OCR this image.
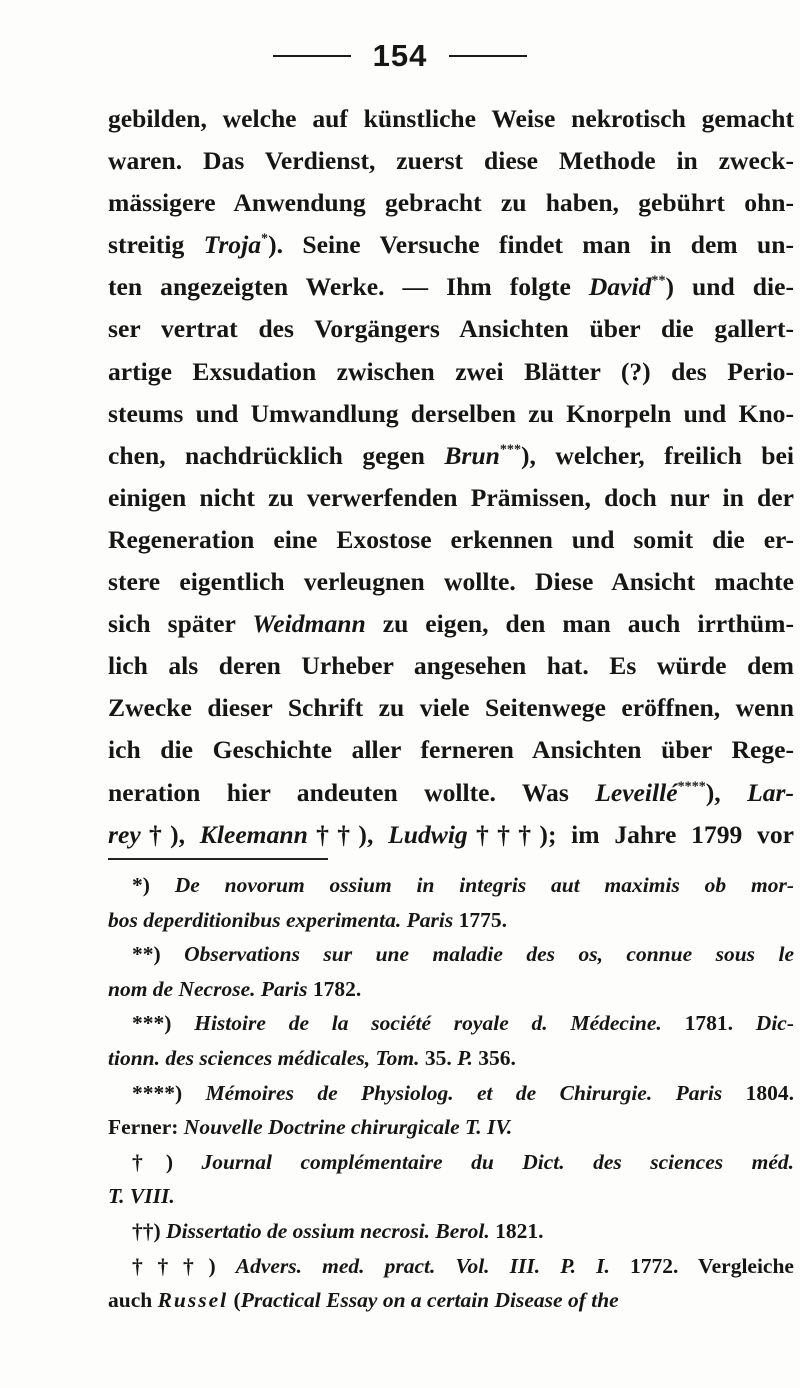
154
gebilden, welche auf künstliche Weise nekrotisch gemacht
waren. Das Verdienst, zuerst diese Methode in zweck-
mässigere Anwendung gebracht zu haben, gebührt ohn-
streitig Troja*). Seine Versuche findet man in dem un-
ten angezeigten Werke. — Ihm folgte David**) und die-
ser vertrat des Vorgängers Ansichten über die gallert-
artige Exsudation zwischen zwei Blätter (?) des Perio-
steums und Umwandlung derselben zu Knorpeln und Kno-
chen, nachdrücklich gegen Brun***), welcher, freilich bei
einigen nicht zu verwerfenden Prämissen, doch nur in der
Regeneration eine Exostose erkennen und somit die er-
stere eigentlich verleugnen wollte. Diese Ansicht machte
sich später Weidmann zu eigen, den man auch irrthüm-
lich als deren Urheber angesehen hat. Es würde dem
Zwecke dieser Schrift zu viele Seitenwege eröffnen, wenn
ich die Geschichte aller ferneren Ansichten über Rege-
neration hier andeuten wollte. Was Leveillé****), Lar-
rey†), Kleemann††), Ludwig†††); im Jahre 1799 vor
*) De novorum ossium in integris aut maximis ob mor-
bos deperditionibus experimenta. Paris 1775.
**) Observations sur une maladie des os, connue sous le
nom de Necrose. Paris 1782.
***) Histoire de la société royale d. Médecine. 1781. Dic-
tionn. des sciences médicales, Tom. 35. P. 356.
****) Mémoires de Physiolog. et de Chirurgie. Paris 1804.
Ferner: Nouvelle Doctrine chirurgicale T. IV.
†) Journal complémentaire du Dict. des sciences méd.
T. VIII.
††) Dissertatio de ossium necrosi. Berol. 1821.
†††) Advers. med. pract. Vol. III. P. I. 1772. Vergleiche
auch Russel (Practical Essay on a certain Disease of the
